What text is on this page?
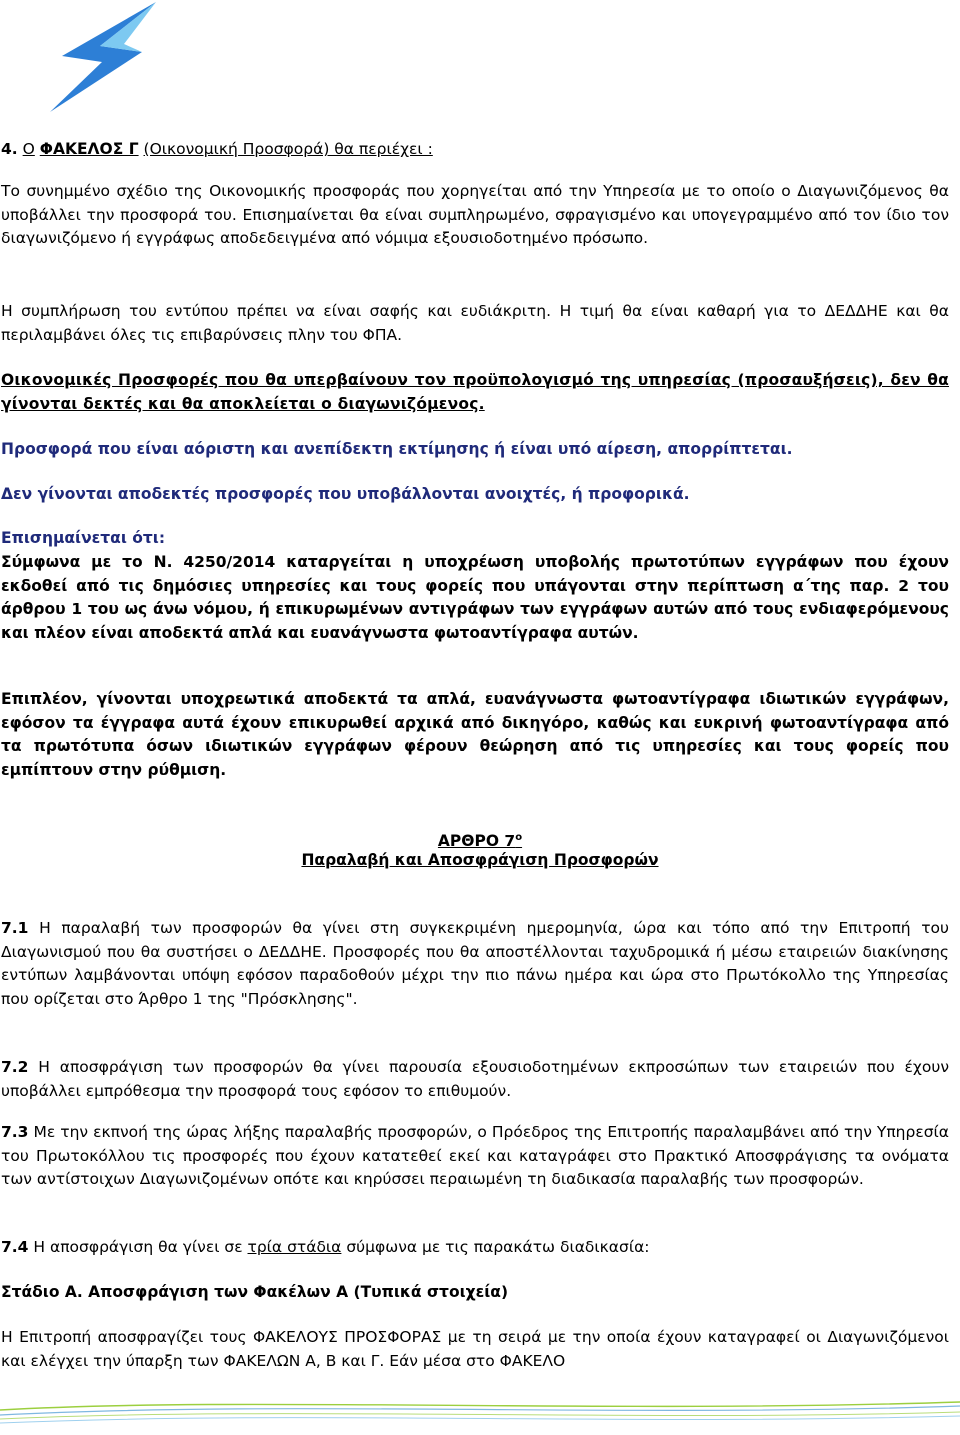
4. Ο ΦΑΚΕΛΟΣ Γ (Οικονομική Προσφορά) θα περιέχει :

Το συνημμένο σχέδιο της Οικονομικής προσφοράς που χορηγείται από την Υπηρεσία με το οποίο ο Διαγωνιζόμενος θα υποβάλλει την προσφορά του. Επισημαίνεται θα είναι συμπληρωμένο, σφραγισμένο και υπογεγραμμένο από τον ίδιο τον διαγωνιζόμενο ή εγγράφως αποδεδειγμένα από νόμιμα εξουσιοδοτημένο πρόσωπο.

Η συμπλήρωση του εντύπου πρέπει να είναι σαφής και ευδιάκριτη. Η τιμή θα είναι καθαρή για το ΔΕΔΔΗΕ και θα περιλαμβάνει όλες τις επιβαρύνσεις πλην του ΦΠΑ.

Οικονομικές Προσφορές που θα υπερβαίνουν τον προϋπολογισμό της υπηρεσίας (προσαυξήσεις), δεν θα γίνονται δεκτές και θα αποκλείεται ο διαγωνιζόμενος.

Προσφορά που είναι αόριστη και ανεπίδεκτη εκτίμησης ή είναι υπό αίρεση, απορρίπτεται.

Δεν γίνονται αποδεκτές προσφορές που υποβάλλονται ανοιχτές, ή προφορικά.

Επισημαίνεται ότι:

Σύμφωνα με το Ν. 4250/2014 καταργείται η υποχρέωση υποβολής πρωτοτύπων εγγράφων που έχουν εκδοθεί από τις δημόσιες υπηρεσίες και τους φορείς που υπάγονται στην περίπτωση α΄της παρ. 2 του άρθρου 1 του ως άνω νόμου, ή επικυρωμένων αντιγράφων των εγγράφων αυτών από τους ενδιαφερόμενους και πλέον είναι αποδεκτά απλά και ευανάγνωστα φωτοαντίγραφα αυτών.

Επιπλέον, γίνονται υποχρεωτικά αποδεκτά τα απλά, ευανάγνωστα φωτοαντίγραφα ιδιωτικών εγγράφων, εφόσον τα έγγραφα αυτά έχουν επικυρωθεί αρχικά από δικηγόρο, καθώς και ευκρινή φωτοαντίγραφα από τα πρωτότυπα όσων ιδιωτικών εγγράφων φέρουν θεώρηση από τις υπηρεσίες και τους φορείς που εμπίπτουν στην ρύθμιση.

ΑΡΘΡΟ $7^o$

Παραλαβή και Αποσφράγιση Προσφορών

7.1 Η παραλαβή των προσφορών θα γίνει στη συγκεκριμένη ημερομηνία, ώρα και τόπο από την Επιτροπή του Διαγωνισμού που θα συστήσει ο ΔΕΔΔΗΕ. Προσφορές που θα αποστέλλονται ταχυδρομικά ή μέσω εταιρειών διακίνησης εντύπων λαμβάνονται υπόψη εφόσον παραδοθούν μέχρι την πιο πάνω ημέρα και ώρα στο Πρωτόκολλο της Υπηρεσίας που ορίζεται στο Άρθρο 1 της "Πρόσκλησης".

7.2 Η αποσφράγιση των προσφορών θα γίνει παρουσία εξουσιοδοτημένων εκπροσώπων των εταιρειών που έχουν υποβάλλει εμπρόθεσμα την προσφορά τους εφόσον το επιθυμούν.

7.3 Με την εκπνοή της ώρας λήξης παραλαβής προσφορών, ο Πρόεδρος της Επιτροπής παραλαμβάνει από την Υπηρεσία του Πρωτοκόλλου τις προσφορές που έχουν κατατεθεί εκεί και καταγράφει στο Πρακτικό Αποσφράγισης τα ονόματα των αντίστοιχων Διαγωνιζομένων οπότε και κηρύσσει περαιωμένη τη διαδικασία παραλαβής των προσφορών.

7.4 Η αποσφράγιση θα γίνει σε τρία στάδια σύμφωνα με τις παρακάτω διαδικασία:

Στάδιο Α. Αποσφράγιση των Φακέλων Α (Τυπικά στοιχεία)

Η Επιτροπή αποσφραγίζει τους ΦΑΚΕΛΟΥΣ ΠΡΟΣΦΟΡΑΣ με τη σειρά με την οποία έχουν καταγραφεί οι Διαγωνιζόμενοι και ελέγχει την ύπαρξη των ΦΑΚΕΛΩΝ Α, Β και Γ. Εάν μέσα στο ΦΑΚΕΛΟ
